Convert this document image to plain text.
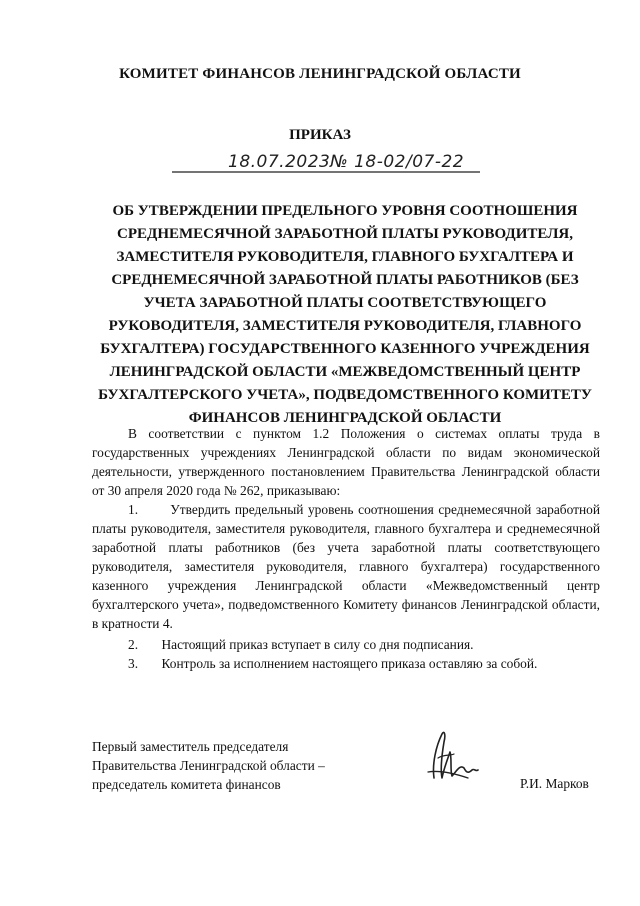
КОМИТЕТ ФИНАНСОВ ЛЕНИНГРАДСКОЙ ОБЛАСТИ
ПРИКАЗ
18.07.2023 № 18-02/07-22
ОБ УТВЕРЖДЕНИИ ПРЕДЕЛЬНОГО УРОВНЯ СООТНОШЕНИЯ СРЕДНЕМЕСЯЧНОЙ ЗАРАБОТНОЙ ПЛАТЫ РУКОВОДИТЕЛЯ, ЗАМЕСТИТЕЛЯ РУКОВОДИТЕЛЯ, ГЛАВНОГО БУХГАЛТЕРА И СРЕДНЕМЕСЯЧНОЙ ЗАРАБОТНОЙ ПЛАТЫ РАБОТНИКОВ (БЕЗ УЧЕТА ЗАРАБОТНОЙ ПЛАТЫ СООТВЕТСТВУЮЩЕГО РУКОВОДИТЕЛЯ, ЗАМЕСТИТЕЛЯ РУКОВОДИТЕЛЯ, ГЛАВНОГО БУХГАЛТЕРА) ГОСУДАРСТВЕННОГО КАЗЕННОГО УЧРЕЖДЕНИЯ ЛЕНИНГРАДСКОЙ ОБЛАСТИ «МЕЖВЕДОМСТВЕННЫЙ ЦЕНТР БУХГАЛТЕРСКОГО УЧЕТА», ПОДВЕДОМСТВЕННОГО КОМИТЕТУ ФИНАНСОВ ЛЕНИНГРАДСКОЙ ОБЛАСТИ

В соответствии с пунктом 1.2 Положения о системах оплаты труда в государственных учреждениях Ленинградской области по видам экономической деятельности, утвержденного постановлением Правительства Ленинградской области от 30 апреля 2020 года № 262, приказываю:

1. Утвердить предельный уровень соотношения среднемесячной заработной платы руководителя, заместителя руководителя, главного бухгалтера и среднемесячной заработной платы работников (без учета заработной платы соответствующего руководителя, заместителя руководителя, главного бухгалтера) государственного казенного учреждения Ленинградской области «Межведомственный центр бухгалтерского учета», подведомственного Комитету финансов Ленинградской области, в кратности 4.

2. Настоящий приказ вступает в силу со дня подписания.

3. Контроль за исполнением настоящего приказа оставляю за собой.

Первый заместитель председателя
Правительства Ленинградской области –
председатель комитета финансов	Р.И. Марков
